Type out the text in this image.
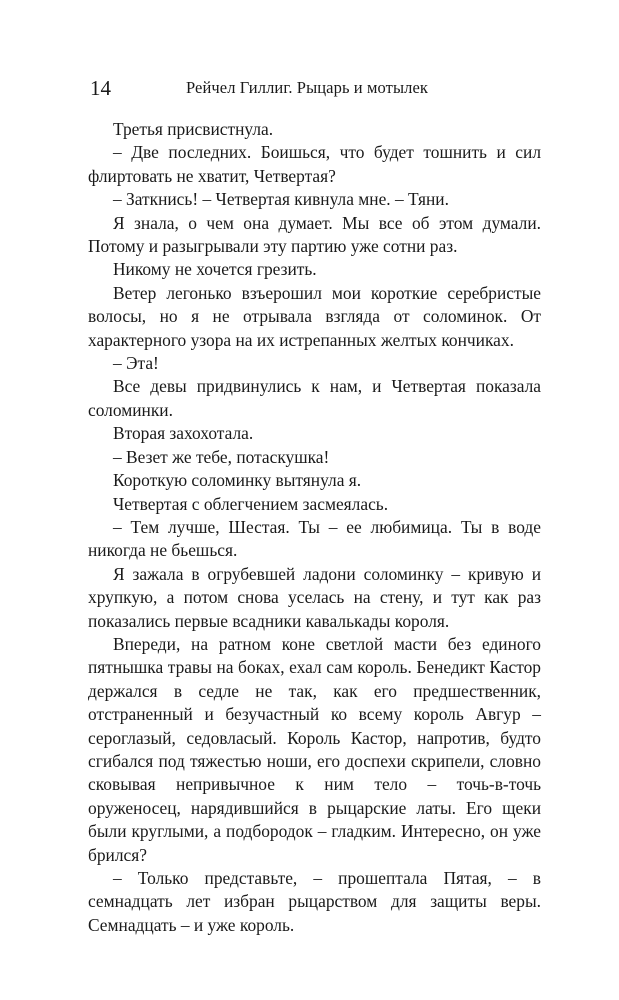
14	Рейчел Гиллиг. Рыцарь и мотылек

Третья присвистнула.

– Две последних. Боишься, что будет тошнить и сил флиртовать не хватит, Четвертая?

– Заткнись! – Четвертая кивнула мне. – Тяни.

Я знала, о чем она думает. Мы все об этом думали. Потому и разыгрывали эту партию уже сотни раз.

Никому не хочется грезить.

Ветер легонько взъерошил мои короткие серебристые волосы, но я не отрывала взгляда от соломинок. От характерного узора на их истрепанных желтых кончиках.

– Эта!

Все девы придвинулись к нам, и Четвертая показала соломинки.

Вторая захохотала.

– Везет же тебе, потаскушка!

Короткую соломинку вытянула я.

Четвертая с облегчением засмеялась.

– Тем лучше, Шестая. Ты – ее любимица. Ты в воде никогда не бьешься.

Я зажала в огрубевшей ладони соломинку – кривую и хрупкую, а потом снова уселась на стену, и тут как раз показались первые всадники кавалькады короля.

Впереди, на ратном коне светлой масти без единого пятнышка травы на боках, ехал сам король. Бенедикт Кастор держался в седле не так, как его предшественник, отстраненный и безучастный ко всему король Авгур – сероглазый, седовласый. Король Кастор, напротив, будто сгибался под тяжестью ноши, его доспехи скрипели, словно сковывая непривычное к ним тело – точь-в-точь оруженосец, нарядившийся в рыцарские латы. Его щеки были круглыми, а подбородок – гладким. Интересно, он уже брился?

– Только представьте, – прошептала Пятая, – в семнадцать лет избран рыцарством для защиты веры. Семнадцать – и уже король.
